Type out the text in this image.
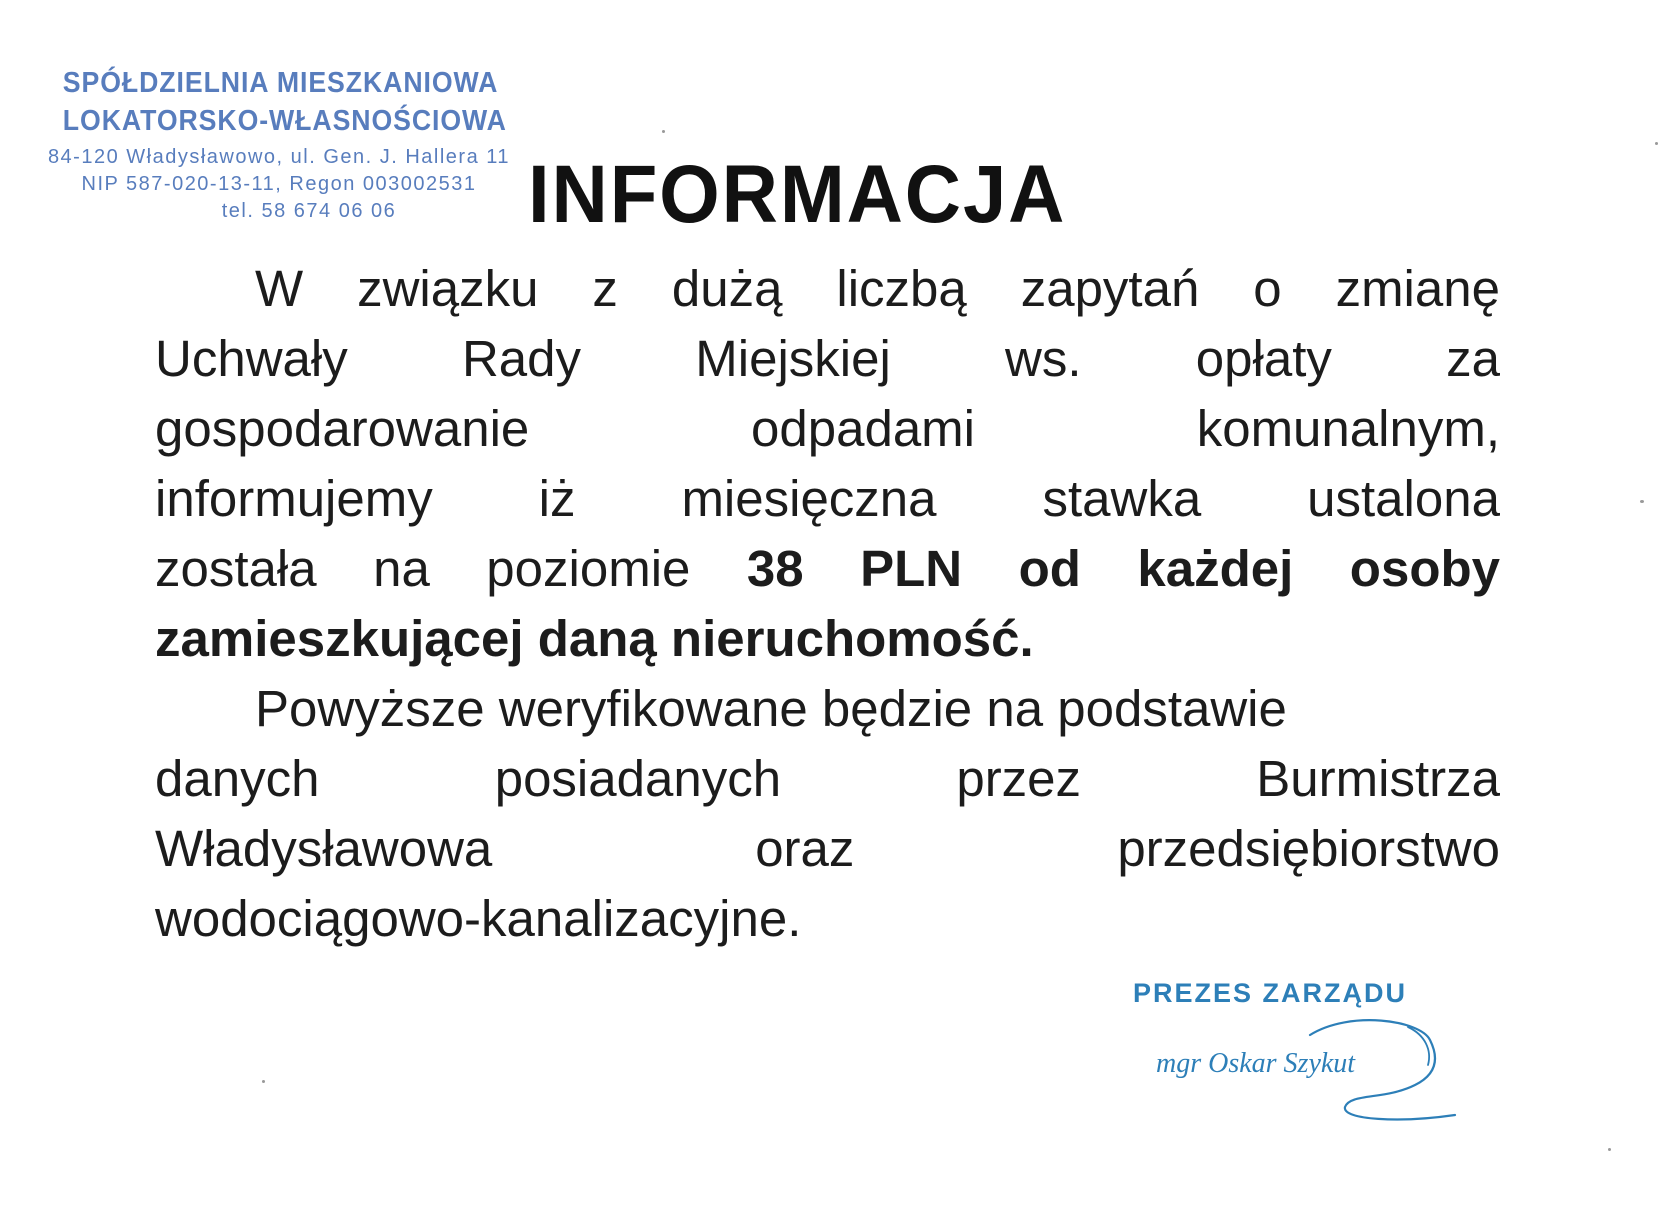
SPÓŁDZIELNIA MIESZKANIOWA
LOKATORSKO-WŁASNOŚCIOWA
84-120 Władysławowo, ul. Gen. J. Hallera 11
NIP 587-020-13-11, Regon 003002531
tel. 58 674 06 06	INFORMACJA
W związku z dużą liczbą zapytań o zmianę
Uchwały Rady Miejskiej ws. opłaty za
gospodarowanie	odpadami	komunalnym,
informujemy iż miesięczna stawka ustalona
została na poziomie 38 PLN od każdej osoby
zamieszkującej daną nieruchomość.
Powyższe weryfikowane będzie na podstawie
danych	posiadanych	przez	Burmistrza
Władysławowa	oraz	przedsiębiorstwo
wodociągowo-kanalizacyjne.
PREZES ZARZĄDU
mgr Oskar Szykut
